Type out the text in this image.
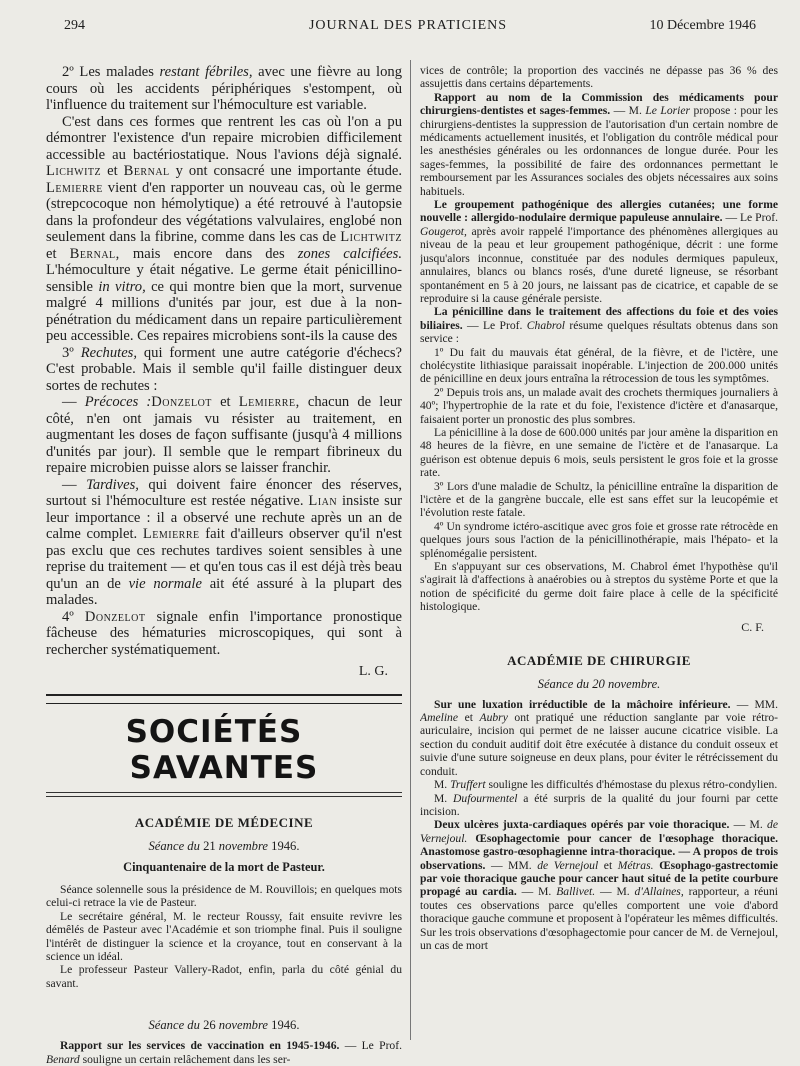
294	JOURNAL DES PRATICIENS	10 Décembre 1946

2º Les malades restant fébriles, avec une fièvre au long cours où les accidents périphériques s'estompent, où l'influence du traitement sur l'hémoculture est variable.

C'est dans ces formes que rentrent les cas où l'on a pu démontrer l'existence d'un repaire microbien difficilement accessible au bactériostatique. Nous l'avions déjà signalé. Lichwitz et Bernal y ont consacré une importante étude. Lemierre vient d'en rapporter un nouveau cas, où le germe (strepcocoque non hémolytique) a été retrouvé à l'autopsie dans la profondeur des végétations valvulaires, englobé non seulement dans la fibrine, comme dans les cas de Lichtwitz et Bernal, mais encore dans des zones calcifiées. L'hémoculture y était négative. Le germe était pénicillino-sensible in vitro, ce qui montre bien que la mort, survenue malgré 4 millions d'unités par jour, est due à la non-pénétration du médicament dans un repaire particulièrement peu accessible. Ces repaires microbiens sont-ils la cause des

3º Rechutes, qui forment une autre catégorie d'échecs? C'est probable. Mais il semble qu'il faille distinguer deux sortes de rechutes :

— Précoces :Donzelot et Lemierre, chacun de leur côté, n'en ont jamais vu résister au traitement, en augmentant les doses de façon suffisante (jusqu'à 4 millions d'unités par jour). Il semble que le rempart fibrineux du repaire microbien puisse alors se laisser franchir.

— Tardives, qui doivent faire énoncer des réserves, surtout si l'hémoculture est restée négative. Lian insiste sur leur importance : il a observé une rechute après un an de calme complet. Lemierre fait d'ailleurs observer qu'il n'est pas exclu que ces rechutes tardives soient sensibles à une reprise du traitement — et qu'en tous cas il est déjà très beau qu'un an de vie normale ait été assuré à la plupart des malades.

4º Donzelot signale enfin l'importance pronostique fâcheuse des hématuries microscopiques, qui sont à rechercher systématiquement.

L. G.
SOCIÉTÉSSAVANTES
ACADÉMIE DE MÉDECINE
Séance du 21 novembre 1946.
Cinquantenaire de la mort de Pasteur.

Séance solennelle sous la présidence de M. Rouvillois; en quelques mots celui-ci retrace la vie de Pasteur.

Le secrétaire général, M. le recteur Roussy, fait ensuite revivre les démêlés de Pasteur avec l'Académie et son triomphe final. Puis il souligne l'intérêt de distinguer la science et la croyance, tout en conservant à la science un idéal.

Le professeur Pasteur Vallery-Radot, enfin, parla du côté génial du savant.

Séance du 26 novembre 1946.

Rapport sur les services de vaccination en 1945-1946. — Le Prof. Benard souligne un certain relâchement dans les ser-

vices de contrôle; la proportion des vaccinés ne dépasse pas 36 % des assujettis dans certains départements.

Rapport au nom de la Commission des médicaments pour chirurgiens-dentistes et sages-femmes. — M. Le Lorier propose : pour les chirurgiens-dentistes la suppression de l'autorisation d'un certain nombre de médicaments actuellement inusités, et l'obligation du contrôle médical pour les anesthésies générales ou les ordonnances de longue durée. Pour les sages-femmes, la possibilité de faire des ordonnances permettant le remboursement par les Assurances sociales des objets nécessaires aux soins habituels.

Le groupement pathogénique des allergies cutanées; une forme nouvelle : allergido-nodulaire dermique papuleuse annulaire. — Le Prof. Gougerot, après avoir rappelé l'importance des phénomènes allergiques au niveau de la peau et leur groupement pathogénique, décrit : une forme jusqu'alors inconnue, constituée par des nodules dermiques papuleux, annulaires, blancs ou blancs rosés, d'une dureté ligneuse, se résorbant spontanément en 5 à 20 jours, ne laissant pas de cicatrice, et capable de se reproduire si la cause générale persiste.

La pénicilline dans le traitement des affections du foie et des voies biliaires. — Le Prof. Chabrol résume quelques résultats obtenus dans son service :

1º Du fait du mauvais état général, de la fièvre, et de l'ictère, une cholécystite lithiasique paraissait inopérable. L'injection de 200.000 unités de pénicilline en deux jours entraîna la rétrocession de tous les symptômes.

2º Depuis trois ans, un malade avait des crochets thermiques journaliers à 40º; l'hypertrophie de la rate et du foie, l'existence d'ictère et d'anasarque, faisaient porter un pronostic des plus sombres.

La pénicilline à la dose de 600.000 unités par jour amène la disparition en 48 heures de la fièvre, en une semaine de l'ictère et de l'anasarque. La guérison est obtenue depuis 6 mois, seuls persistent le gros foie et la grosse rate.

3º Lors d'une maladie de Schultz, la pénicilline entraîne la disparition de l'ictère et de la gangrène buccale, elle est sans effet sur la leucopémie et l'évolution reste fatale.

4º Un syndrome ictéro-ascitique avec gros foie et grosse rate rétrocède en quelques jours sous l'action de la pénicillinothérapie, mais l'hépato- et la splénomégalie persistent.

En s'appuyant sur ces observations, M. Chabrol émet l'hypothèse qu'il s'agirait là d'affections à anaérobies ou à streptos du système Porte et que la notion de spécificité du germe doit faire place à celle de la spécificité histologique.

C. F.
ACADÉMIE DE CHIRURGIE
Séance du 20 novembre.

Sur une luxation irréductible de la mâchoire inférieure. — MM. Ameline et Aubry ont pratiqué une réduction sanglante par voie rétro-auriculaire, incision qui permet de ne laisser aucune cicatrice visible. La section du conduit auditif doit être exécutée à distance du conduit osseux et suivie d'une suture soigneuse en deux plans, pour éviter le rétrécissement du conduit.

M. Truffert souligne les difficultés d'hémostase du plexus rétro-condylien.

M. Dufourmentel a été surpris de la qualité du jour fourni par cette incision.

Deux ulcères juxta-cardiaques opérés par voie thoracique. — M. de Vernejoul. Œsophagectomie pour cancer de l'œsophage thoracique. Anastomose gastro-œsophagienne intra-thoracique. — A propos de trois observations. — MM. de Vernejoul et Métras. Œsophago-gastrectomie par voie thoracique gauche pour cancer haut situé de la petite courbure propagé au cardia. — M. Ballivet. — M. d'Allaines, rapporteur, a réuni toutes ces observations parce qu'elles comportent une voie d'abord thoracique gauche commune et proposent à l'opérateur les mêmes difficultés. Sur les trois observations d'œsophagectomie pour cancer de M. de Vernejoul, un cas de mort
